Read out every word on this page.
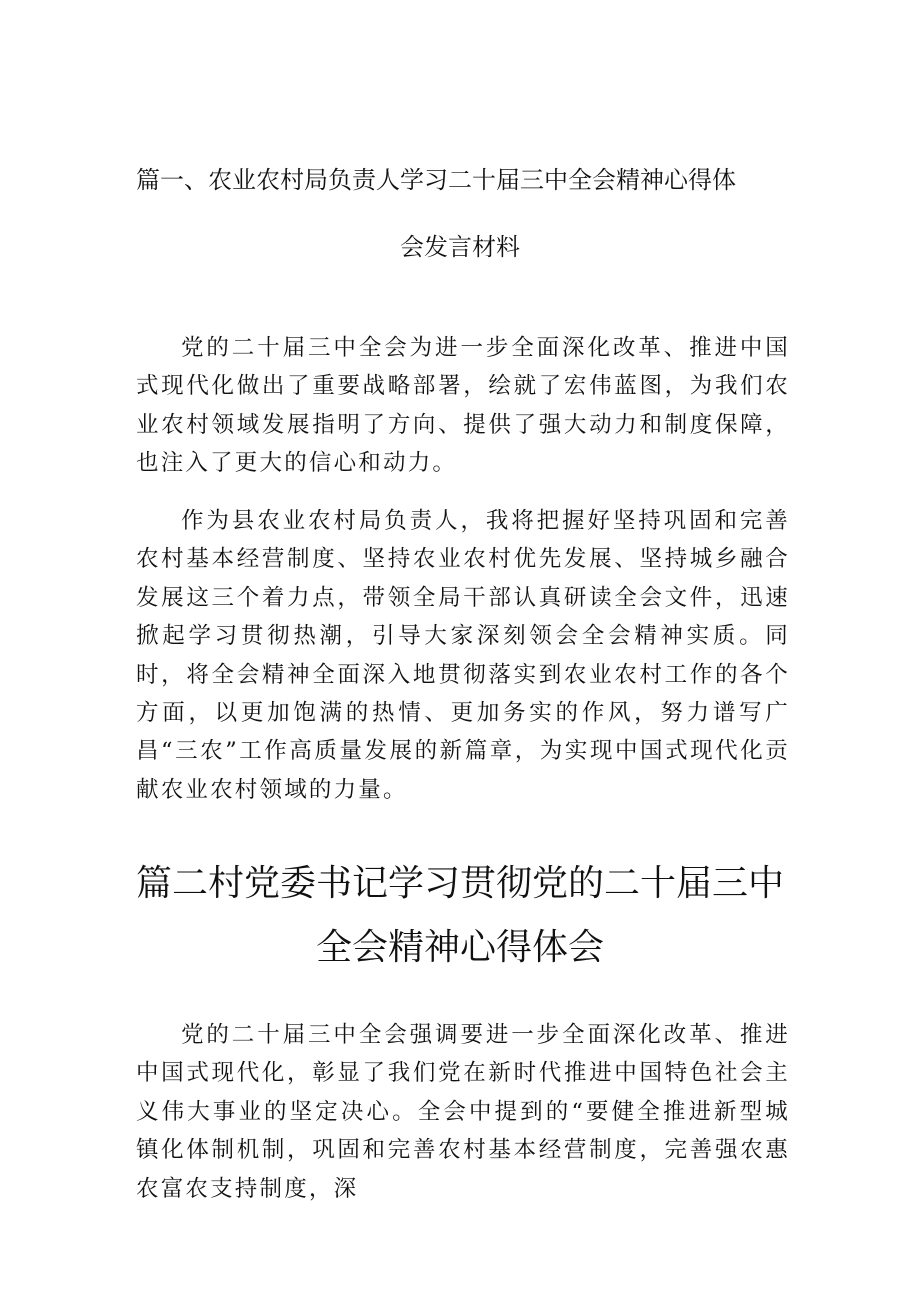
篇一、农业农村局负责人学习二十届三中全会精神心得体
会发言材料

党的二十届三中全会为进一步全面深化改革、推进中国式现代化做出了重要战略部署，绘就了宏伟蓝图，为我们农业农村领域发展指明了方向、提供了强大动力和制度保障，也注入了更大的信心和动力。

作为县农业农村局负责人，我将把握好坚持巩固和完善农村基本经营制度、坚持农业农村优先发展、坚持城乡融合发展这三个着力点，带领全局干部认真研读全会文件，迅速掀起学习贯彻热潮，引导大家深刻领会全会精神实质。同时，将全会精神全面深入地贯彻落实到农业农村工作的各个方面，以更加饱满的热情、更加务实的作风，努力谱写广昌“三农”工作高质量发展的新篇章，为实现中国式现代化贡献农业农村领域的力量。

篇二村党委书记学习贯彻党的二十届三中
全会精神心得体会

党的二十届三中全会强调要进一步全面深化改革、推进中国式现代化，彰显了我们党在新时代推进中国特色社会主义伟大事业的坚定决心。全会中提到的“要健全推进新型城镇化体制机制，巩固和完善农村基本经营制度，完善强农惠农富农支持制度，深
